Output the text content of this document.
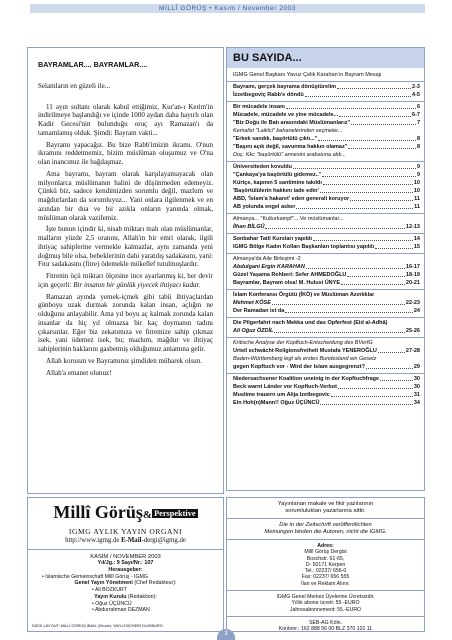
MİLLÎ GÖRÜŞ • Kasım / November 2003
BAYRAMLAR.... BAYRAMLAR....

Selamların en güzeli ile...

11 ayın sultanı olarak kabul ettiğimiz, Kur'an-ı Kerim'in indirilmeye başlandığı ve içinde 1000 aydan daha hayırlı olan Kadir Gecesi'nin bulunduğu oruç ayı Ramazan'ı da tamamlamış olduk. Şimdi: Bayram vakti...

Bayramı yapacağız. Bu bize Rabb'imizin ikramı. O'nun ikramını reddetmemiz, bizim müslüman oluşumuz ve O'na olan inancımız ile bağdaşmaz.

Ama bayramı, bayram olarak karşılayamayacak olan milyonlarca müslümanın halini de düşünmeden edemeyiz. Çünkü biz, sadece kendimizden sorumlu değil, mazlum ve mağdurlardan da sorumluyuz... Yani onlara ilgilenmek ve en azından bir dua ve bir azıkla onların yanında olmak, müslüman olarak vazifemiz.

İşte bunun içindir ki, nisab miktarı malı olan müslümanlar, malların yüzde 2,5 oranını, Allah'ın bir emri olarak, ilgili ihtiyaç sahiplerine vermekle kalmazlar, aynı zamanda yeni doğmuş bile olsa, bebeklerinin dahi yaratılış sadakasını, yani: Fıtır sadakasını (fitre) ödemekle mükellef tutulmuşlardır.

Fitrenin öçü miktarı ölçesine ince ayarlanmış ki, her devir için geçerli: Bir insanın bir günlük yiyecek ihtiyacı kadar.

Ramazan ayında yemek-içmek gibi tabii ihtiyaçlardan günboyu uzak durmak zorunda kalan insan, açlığın ne olduğunu anlayabilir. Ama yıl boyu aç kalmak zorunda kalan insanlar da hiç yıl olmazsa bir kaç doymanın tadını çıkarsınlar. Eğer biz zekatımıza ve fitremize sahip çıkmaz isek, yani ödemez isek, bu; mazlum, mağdur ve ihtiyaç sahiplerinin haklarını gasbetmiş olduğumuz anlamına gelir.

Allah korusun ve Bayramınız şimdiden mübarek olsun.

Allah'a emanet olunuz!

Millî Görüş& Perspektive
IGMG AYLIK YAYIN ORGANI
http://www.igmg.de E-Mail-dergi@igmg.de
KASIM / NOVEMBER 2003
Yıl/Jg.: 9 Sayı/Nr.: 107
Herausgeber:
• Islamische Gemeinschaft Millî Görüş - IGMG
Genel Yayın Yönetmeni (Chef Redakteur):
• Ali BOZKURT
Yayın Kurulu (Redaktion):
• Oğuz ÜÇÜNCÜ
• Abdurrahman DEZMAN
DİZGİ-LAYOUT: MİLLÎ GÖRÜŞ İBAN: (Druck): YAYLOSİCHEIR DUISBURG
BU SAYIDA...
IGMG Genel Başkanı Yavuz Çelik Karahan'ın Bayram Mesajı
Bayramı, gerçek bayrama dönüştürelim	2-3
İzzetbegoviç Rabb'e döndü	4-5
Bir mücadele insanı	6
Mücadele, mücadele ve yine mücadele...	6-7
"Biz Doğu ile Batı arasındaki Müslümanlarız"	7
Kemalist "Laiklci" bahanelerinden seçmeler...
"Erkek sandık, başörtülü çıktı..."	8
"Başını açık değil, savunma hakkın olamaz"	8
Doç. Kkc "başörtülü" annesini arabasına aldı...
Üniversiteden kovuldu	9
"Çankaya'ya başörtülü gidemez.."	9
Kürtçe, kapının 5 santimine takıldı	10
'Başörtülülerin hakkını iade edin'	10
ABD, 'İslam'a hakaret' eden generali koruyor	11
AB yolunda engel asker	11
Almanya... "Kulturkampf"... Ve müslümanlar...
İlhan BİLGÜ	12-13
Sonbahar Tatil Kursları yapıldı	14
IGMG Bölge Kadın Kolları Başkanları toplantısı yapıldı	15
Almanya'da Aile Birleşimi -2
Abdulgani Ergin KARAHAN	16-17
Güzel Yaşama Rehberi: Sefer AHMEDOĞLU	18-19
Bayramlar, Bayram olsa! M. Hulusi ÜNYE	20-21
İslam Konferansı Örgütü (İKÖ) ve Müslüman Azınlıklar
Mehmet KÖSE	22-23
Der Ramadan ist da	24
Die Pilgerfahrt nach Mekka und das Opferfest (Eid al-Adhâ)
Ali Oğuz ÖZDİL	25-26
Kritische Analyse der Kopftuch-Entscheidung des BVerfG
Urteil schwächt Religionsfreiheit Mustafa YENEROĞLU	27-28
Baden-Württemberg legt als erstes Bundesland ein Gesetz
gegen Kopftuch vor - Wird der Islam ausgegrenzt?	29
Niedersachsener Koalition uneinig in der Kopftuchfrage	30
Beck warnt Länder vor Kopftuch-Verbot	30
Muslime trauern um Alija Izetbegovic	31
Ein Hoh(n)Mann!! Oğuz ÜÇÜNCÜ	34
Yayınlanan makale ve fikir yazılarının
sorumlulukları yazarlarına aittir.
Die in der Zeitschrift veröffentlichten
Meinungen binden die Autoren, nicht die IGMG.
Adres:
Millî Görüş Dergisi
Boschstr. 61-65,
D- 50171 Kerpen
Tel.: 02237/ 656-0
Fax: 02237/ 656 555
İlan ve Reklam Alınır.
IGMG Genel Merkez Üyelerine Ücretsizdir.
Yıllık abone ücreti: 55.-EURO
Jahresabonnement: 55.-EURO
SEB-AG Köln.
Kontonr.: 162 888 56 00 BLZ 370 101 11
3
